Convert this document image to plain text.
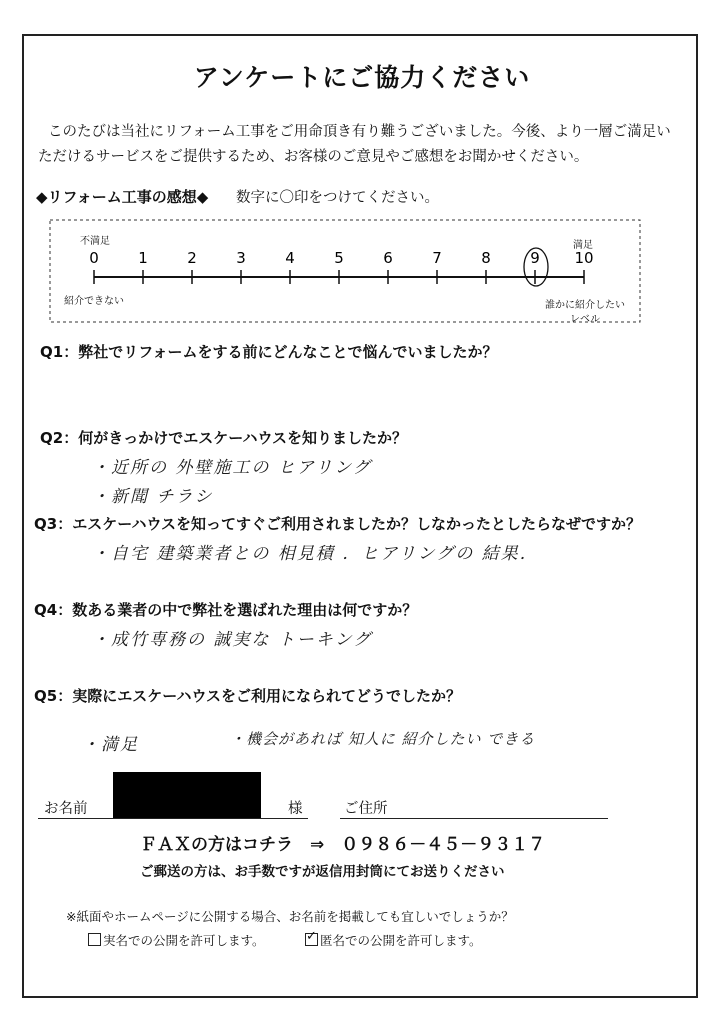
アンケートにご協力ください
このたびは当社にリフォーム工事をご用命頂き有り難うございました。今後、より一層ご満足い
ただけるサービスをご提供するため、お客様のご意見やご感想をお聞かせください。
◆リフォーム工事の感想◆ 数字に〇印をつけてください。
0	1	2	3	4	5	6	7	8	9 10
不満足
紹介できない
満足
誰かに紹介したい
レベル
Q1：弊社でリフォームをする前にどんなことで悩んでいましたか？
Q2：何がきっかけでエスケーハウスを知りましたか？
・近所の 外壁施工の ヒアリング
・新聞 チラシ
Q3：エスケーハウスを知ってすぐご利用されましたか？しなかったとしたらなぜですか？
・自宅 建築業者との 相見積 ．ヒアリングの 結果．
Q4：数ある業者の中で弊社を選ばれた理由は何ですか？
・成竹専務の 誠実な トーキング
Q5：実際にエスケーハウスをご利用になられてどうでしたか？
・満足	・機会があれば 知人に 紹介したい できる
お名前	様	ご住所
ＦＡＸの方はコチラ　⇒　０９８６－４５－９３１７
ご郵送の方は、お手数ですが返信用封筒にてお送りください
※紙面やホームページに公開する場合、お名前を掲載しても宜しいでしょうか？
実名での公開を許可します。
✓	匿名での公開を許可します。
